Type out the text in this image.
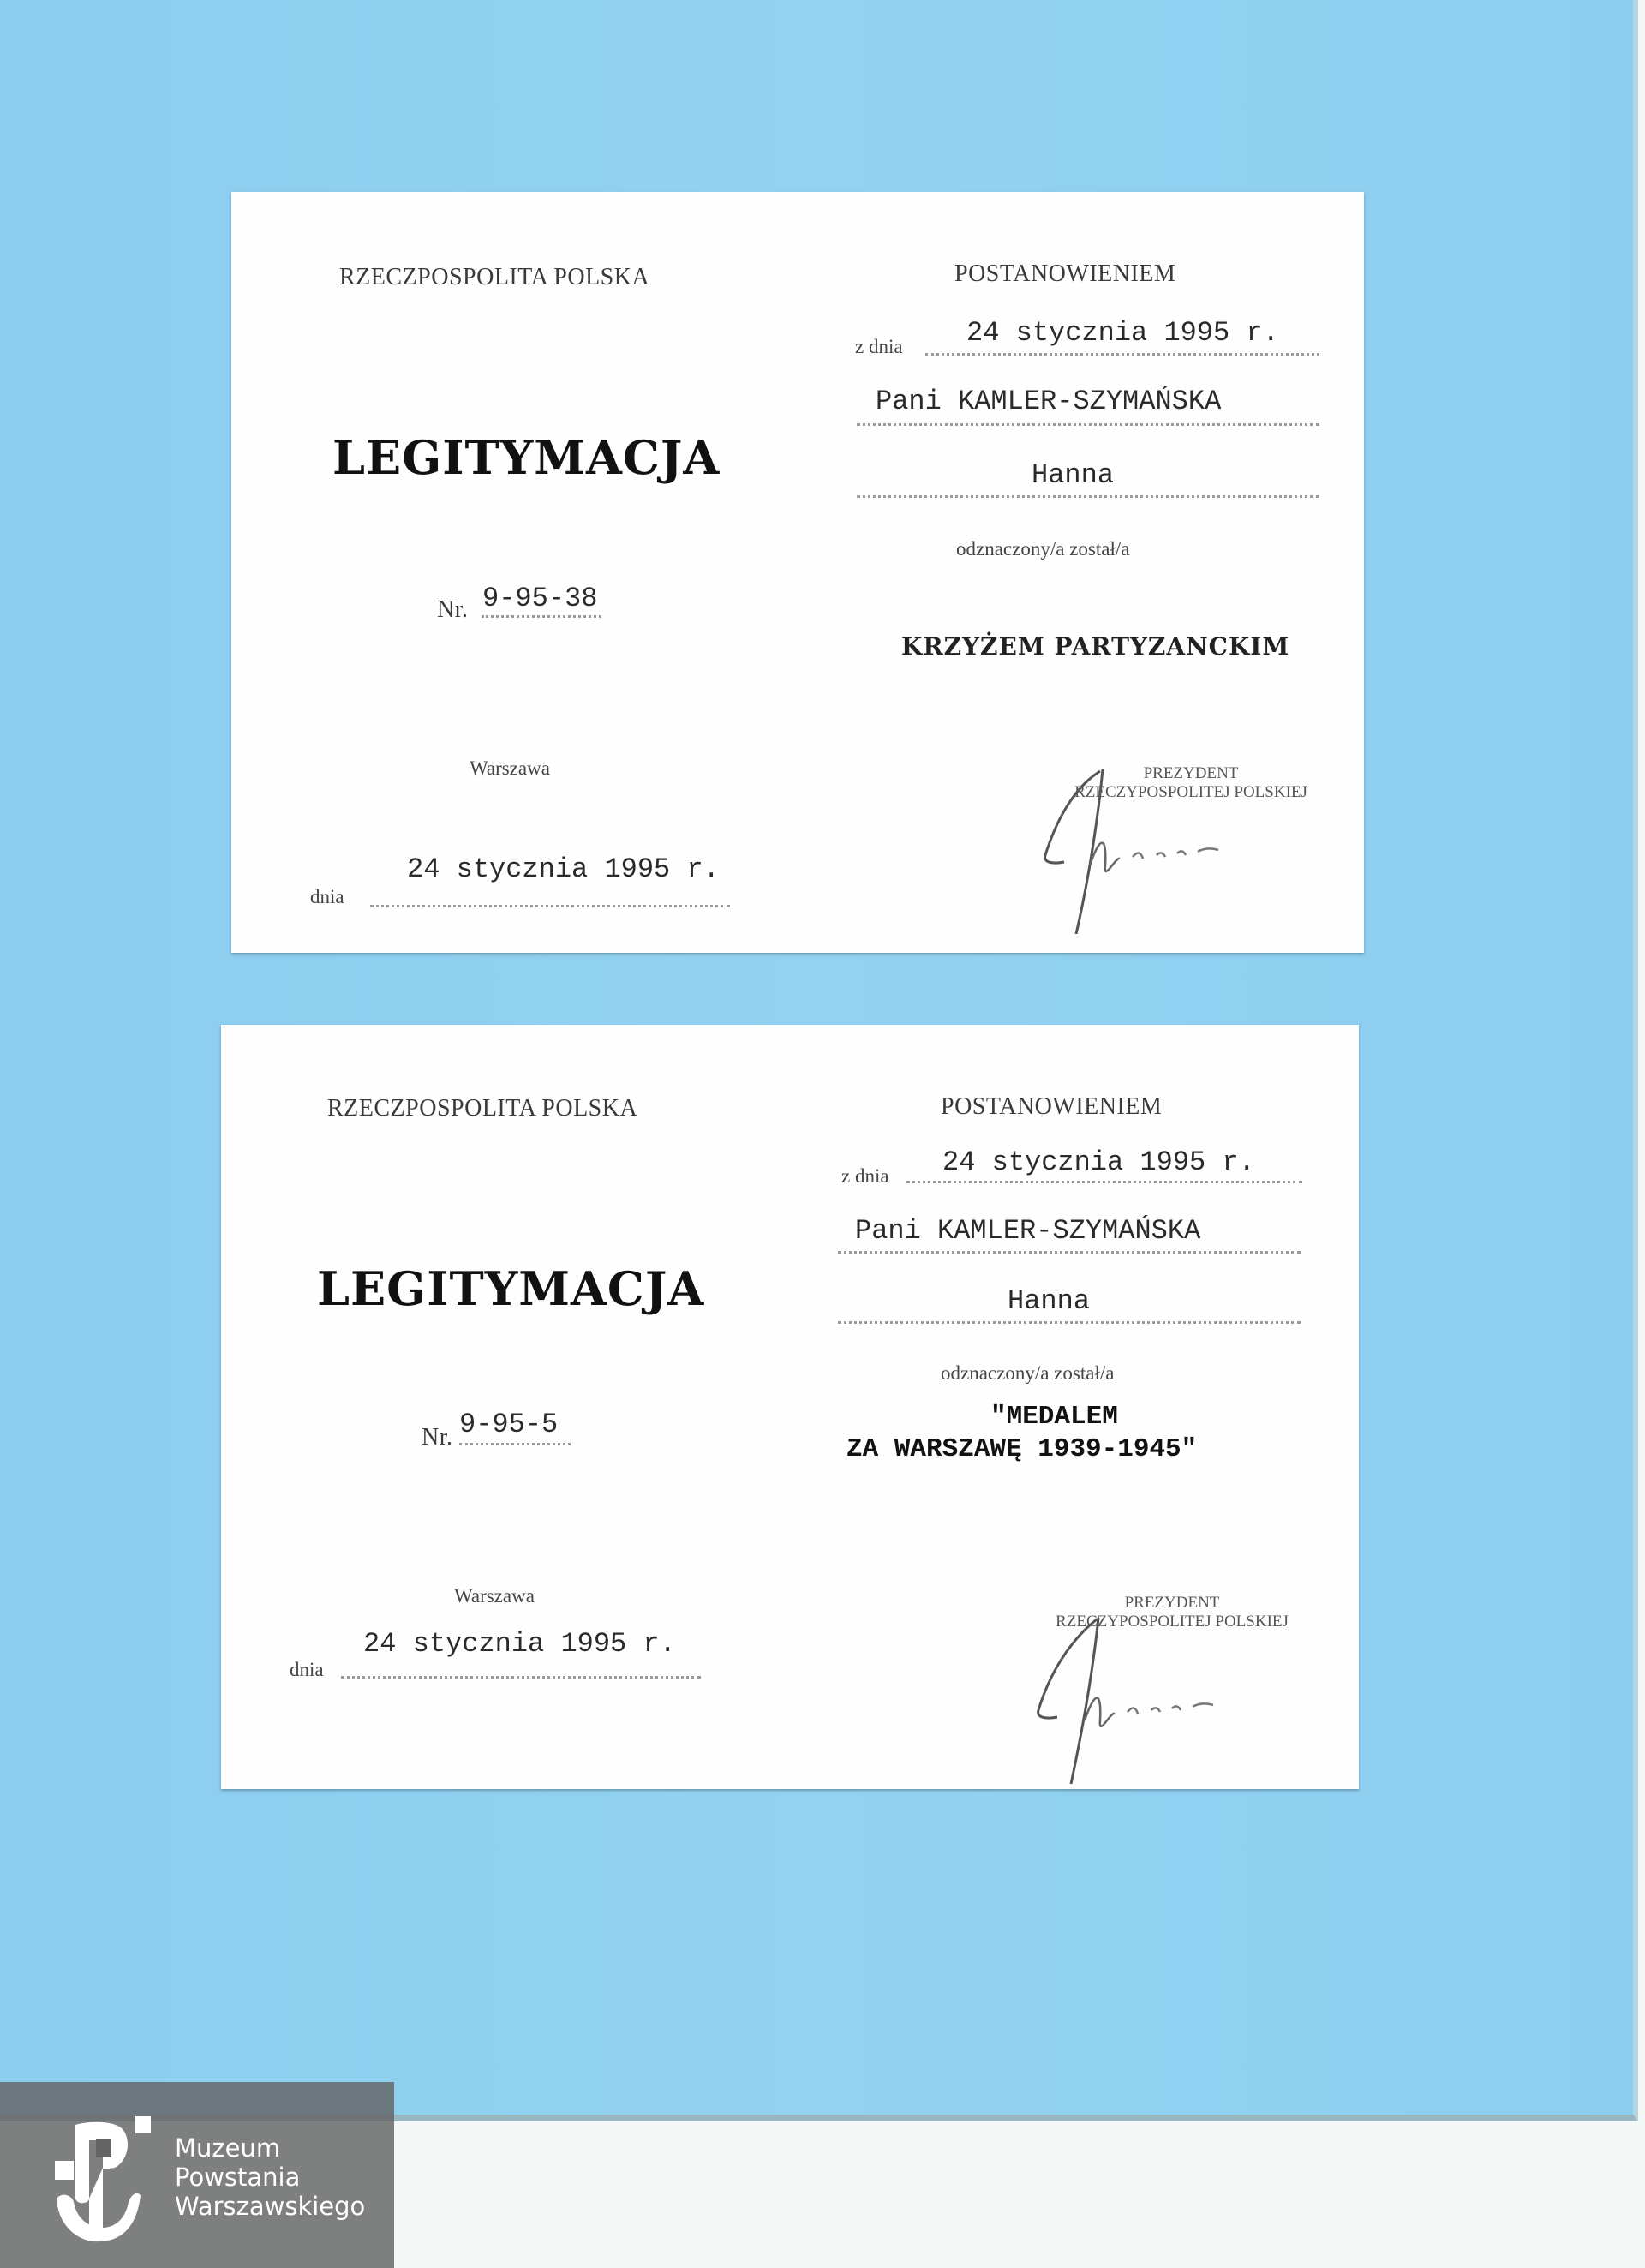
RZECZPOSPOLITA POLSKA
LEGITYMACJA
Nr. 9-95-38
Warszawa
24 stycznia 1995 r.
dnia
POSTANOWIENIEM
z dnia 24 stycznia 1995 r.
Pani KAMLER-SZYMAŃSKA
Hanna
odznaczony/a został/a
KRZYŻEM PARTYZANCKIM
PREZYDENT
RZECZYPOSPOLITEJ POLSKIEJ
RZECZPOSPOLITA POLSKA
LEGITYMACJA
Nr. 9-95-5
Warszawa
24 stycznia 1995 r.
dnia
POSTANOWIENIEM
z dnia 24 stycznia 1995 r.
Pani KAMLER-SZYMAŃSKA
Hanna
odznaczony/a został/a
"MEDALEM
ZA WARSZAWĘ 1939-1945"
PREZYDENT
RZECZYPOSPOLITEJ POLSKIEJ
Muzeum
Powstania
Warszawskiego
